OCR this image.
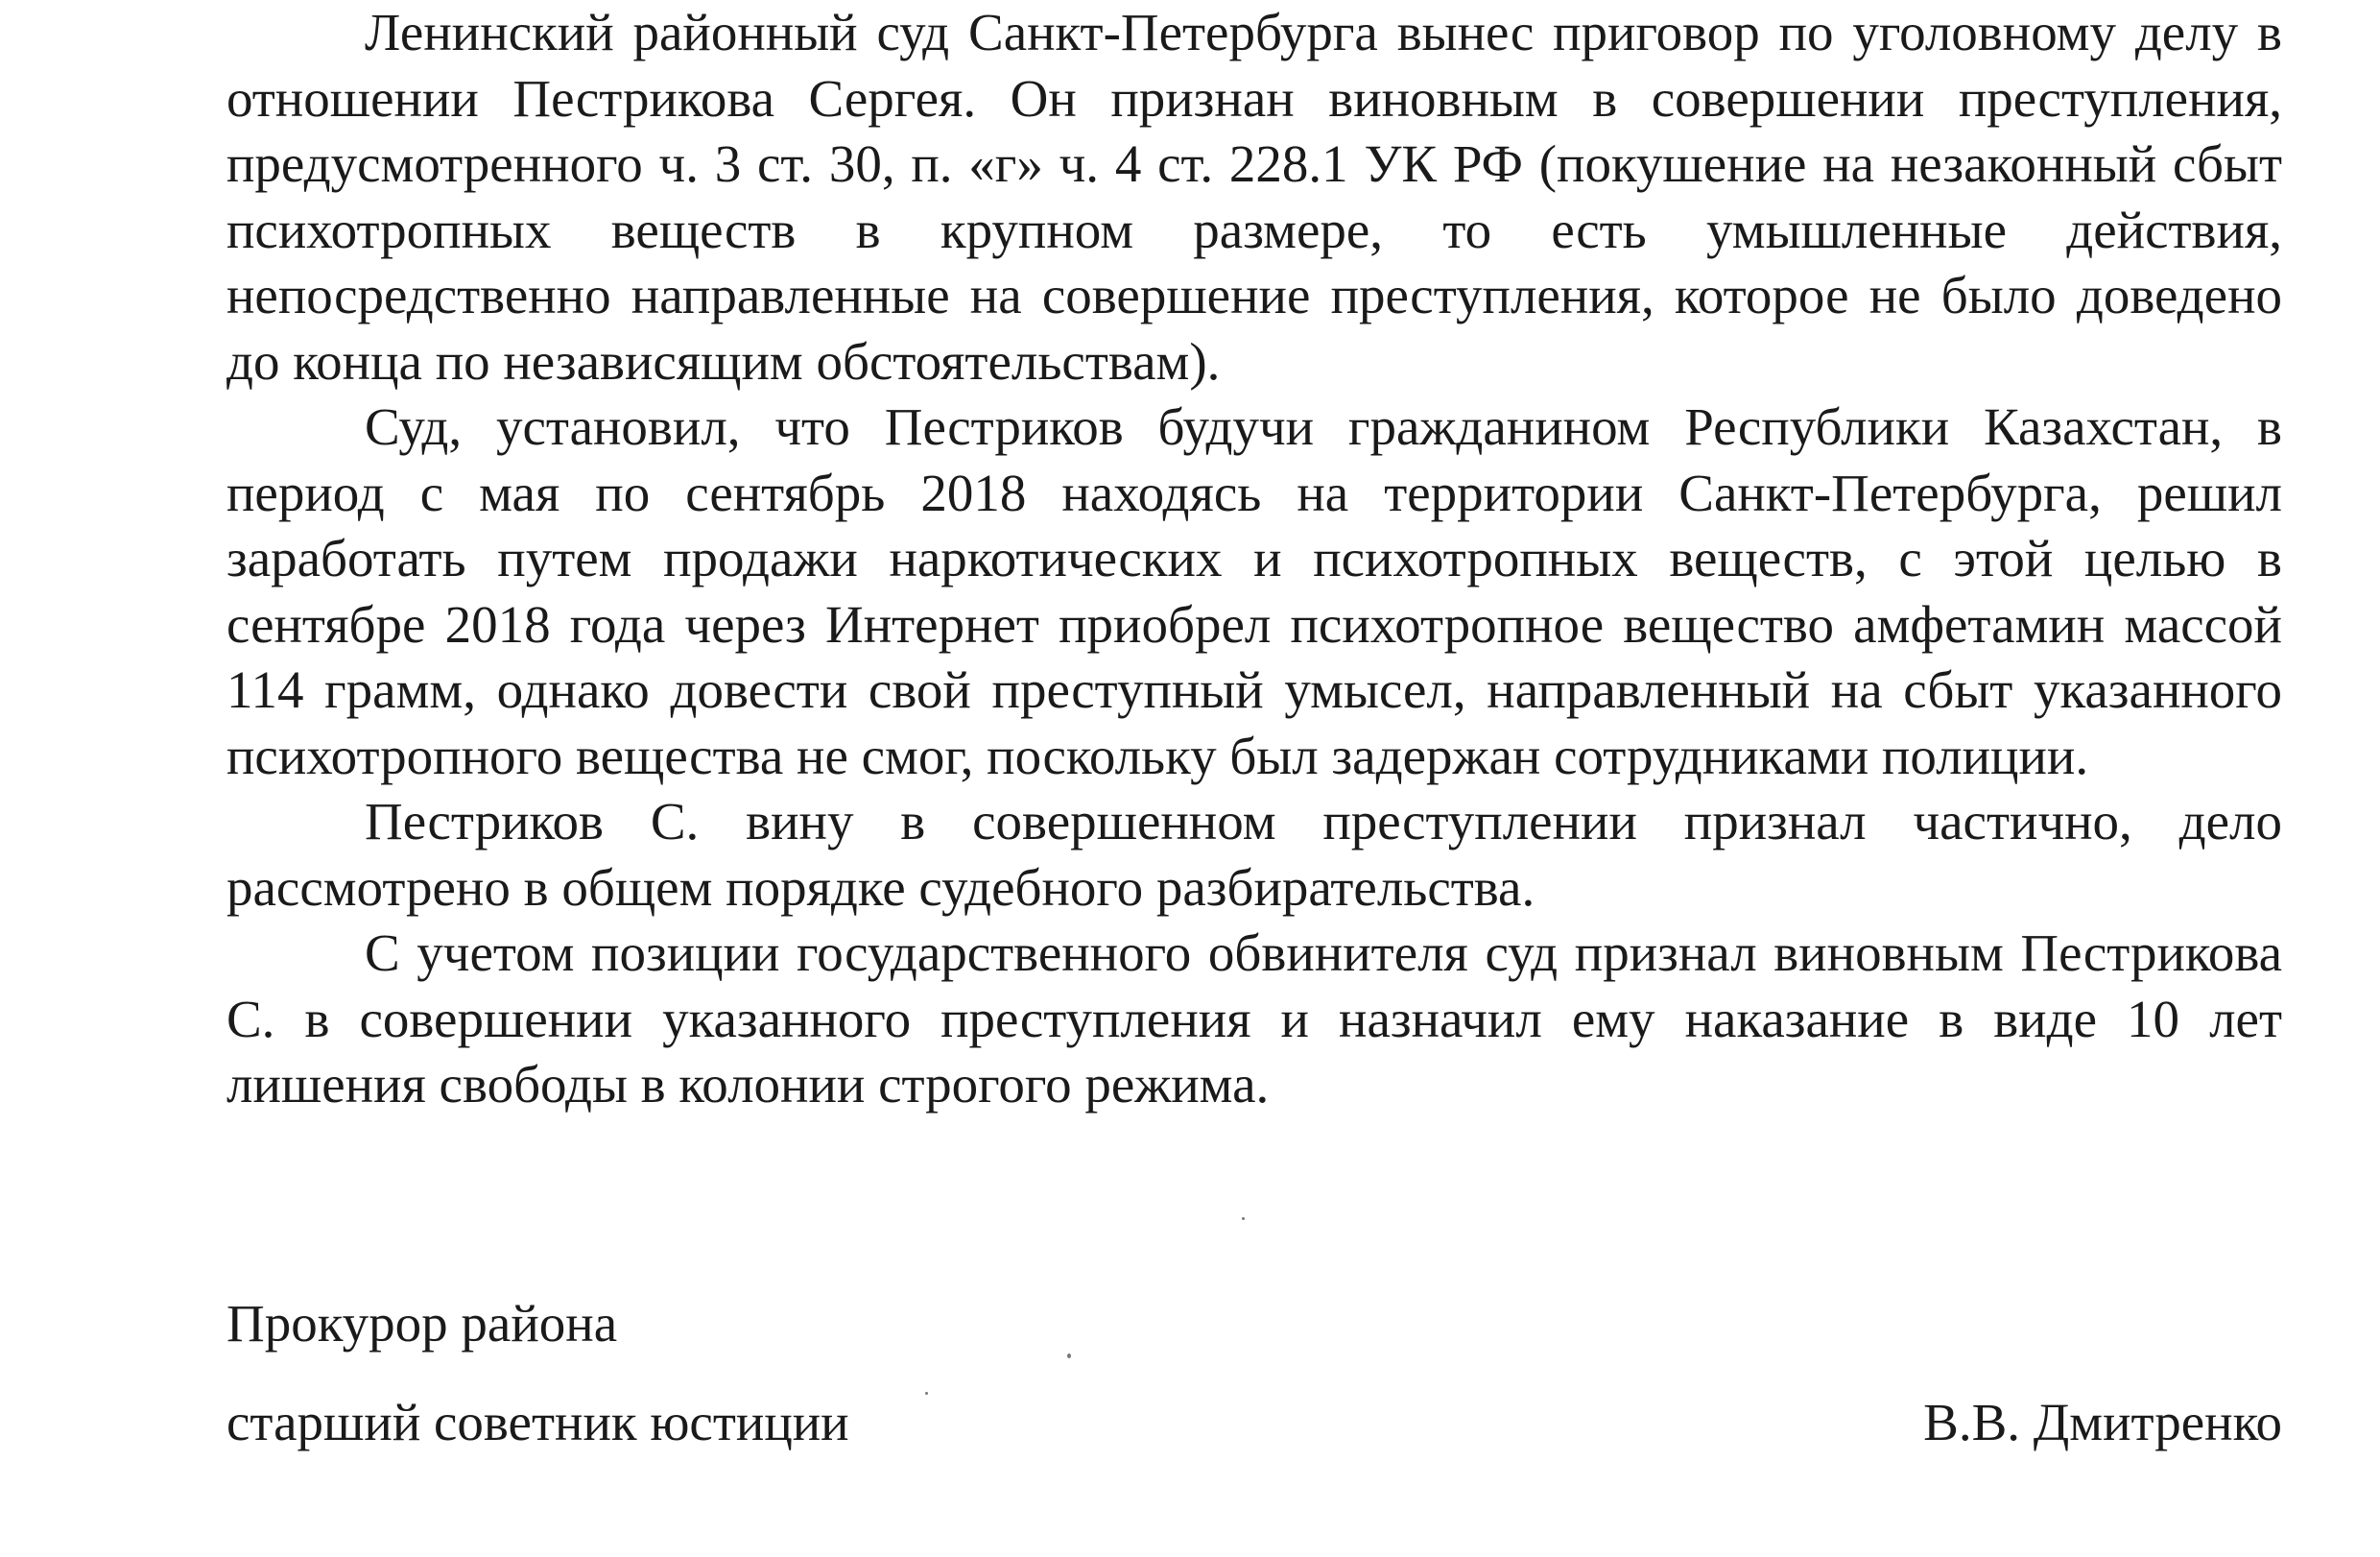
Ленинский районный суд Санкт-Петербурга вынес приговор по уголовному делу в отношении Пестрикова Сергея. Он признан виновным в совершении преступления, предусмотренного ч. 3 ст. 30, п. «г» ч. 4 ст. 228.1 УК РФ (покушение на незаконный сбыт психотропных веществ в крупном размере, то есть умышленные действия, непосредственно направленные на совершение преступления, которое не было доведено до конца по независящим обстоятельствам).

Суд, установил, что Пестриков будучи гражданином Республики Казахстан, в период с мая по сентябрь 2018 находясь на территории Санкт-Петербурга, решил заработать путем продажи наркотических и психотропных веществ, с этой целью в сентябре 2018 года через Интернет приобрел психотропное вещество амфетамин массой 114 грамм, однако довести свой преступный умысел, направленный на сбыт указанного психотропного вещества не смог, поскольку был задержан сотрудниками полиции.

Пестриков С. вину в совершенном преступлении признал частично, дело рассмотрено в общем порядке судебного разбирательства.

С учетом позиции государственного обвинителя суд признал виновным Пестрикова С. в совершении указанного преступления и назначил ему наказание в виде 10 лет лишения свободы в колонии строгого режима.

Прокурор района
старший советник юстиции	В.В. Дмитренко
